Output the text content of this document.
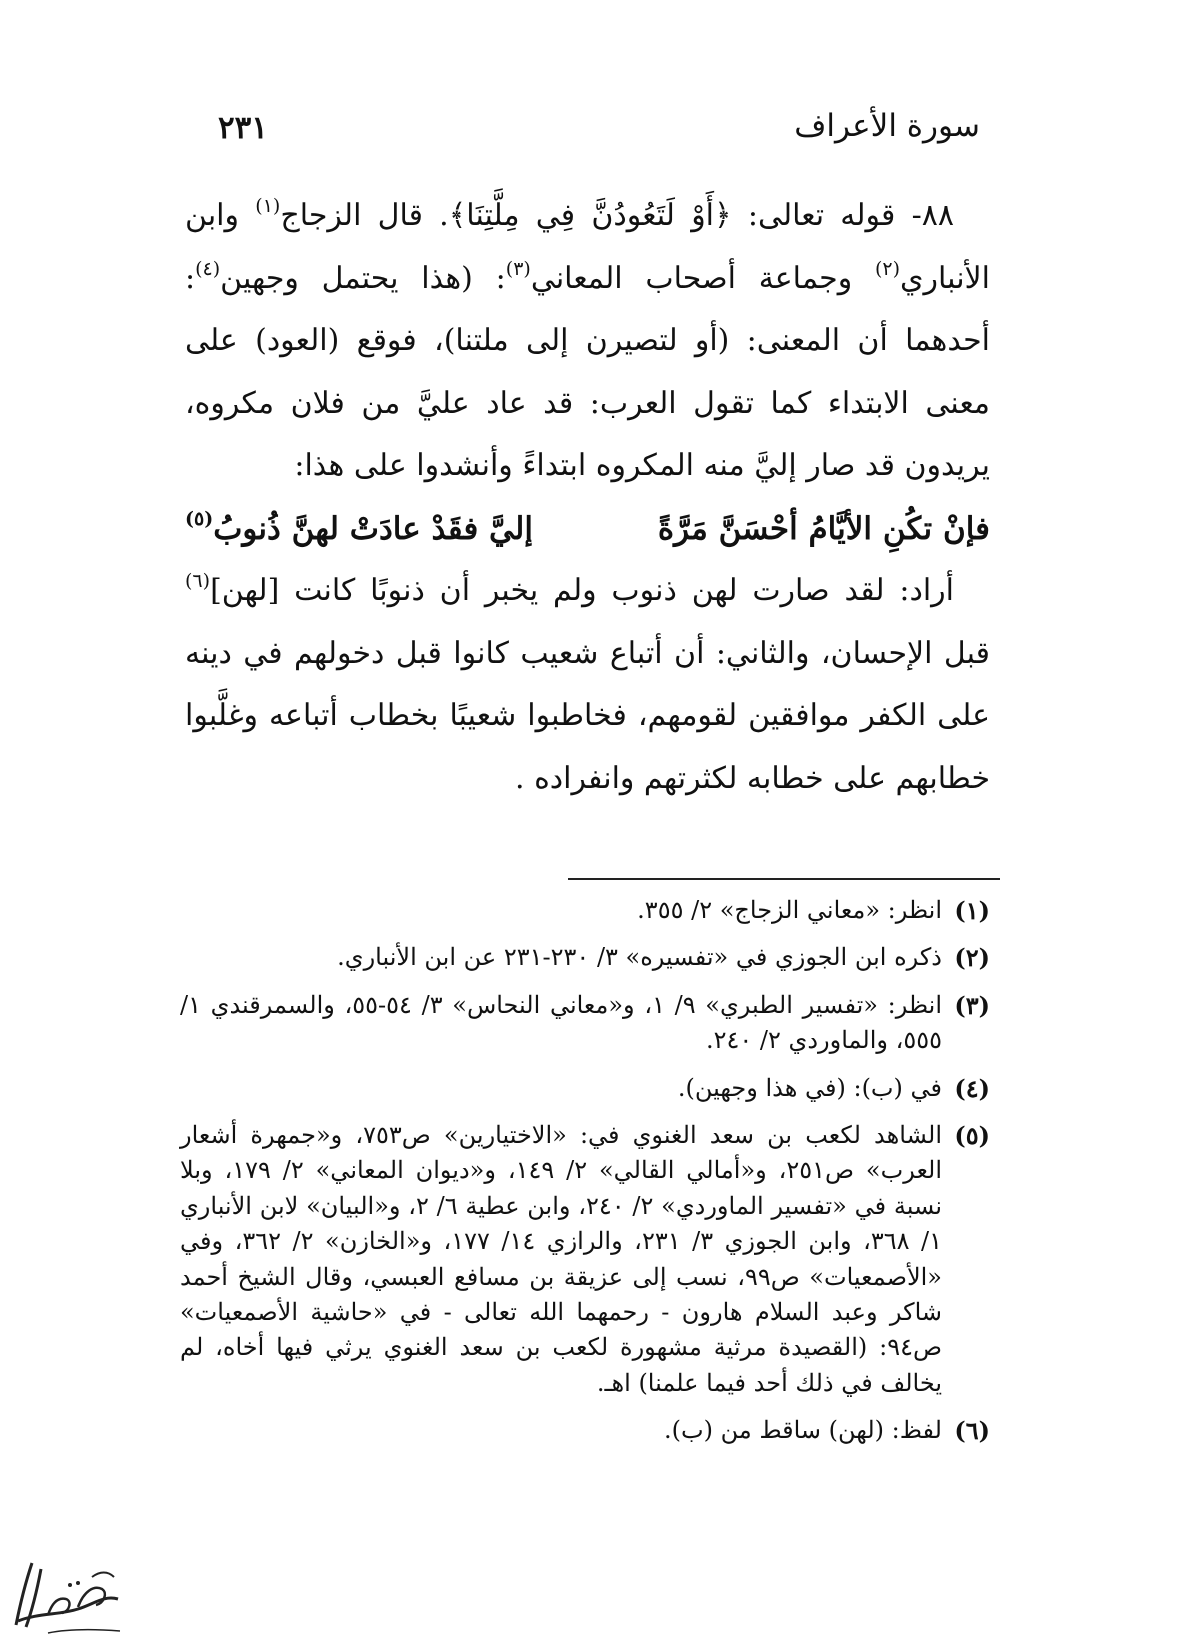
سورة الأعراف
٢٣١

٨٨- قوله تعالى: ﴿أَوْ لَتَعُودُنَّ فِي مِلَّتِنَا﴾. قال الزجاج$^{(١)}$ وابن الأنباري$^{(٢)}$ وجماعة أصحاب المعاني$^{(٣)}$: (هذا يحتمل وجهين$^{(٤)}$: أحدهما أن المعنى: (أو لتصيرن إلى ملتنا)، فوقع (العود) على معنى الابتداء كما تقول العرب: قد عاد عليَّ من فلان مكروه، يريدون قد صار إليَّ منه المكروه ابتداءً وأنشدوا على هذا:

فإنْ تكُنِ الأيَّامُ أحْسَنَّ مَرَّةً
إليَّ فقَدْ عادَتْ لهنَّ ذُنوبُ$^{(٥)}$

أراد: لقد صارت لهن ذنوب ولم يخبر أن ذنوبًا كانت [لهن]$^{(٦)}$ قبل الإحسان، والثاني: أن أتباع شعيب كانوا قبل دخولهم في دينه على الكفر موافقين لقومهم، فخاطبوا شعيبًا بخطاب أتباعه وغلَّبوا خطابهم على خطابه لكثرتهم وانفراده .

(١)
انظر: «معاني الزجاج» ٢/ ٣٥٥.
(٢)
ذكره ابن الجوزي في «تفسيره» ٣/ ٢٣٠-٢٣١ عن ابن الأنباري.
(٣)
انظر: «تفسير الطبري» ٩/ ١، و«معاني النحاس» ٣/ ٥٤-٥٥، والسمرقندي ١/ ٥٥٥، والماوردي ٢/ ٢٤٠.
(٤)
في (ب): (في هذا وجهين).
(٥)
الشاهد لكعب بن سعد الغنوي في: «الاختيارين» ص٧٥٣، و«جمهرة أشعار العرب» ص٢٥١، و«أمالي القالي» ٢/ ١٤٩، و«ديوان المعاني» ٢/ ١٧٩، وبلا نسبة في «تفسير الماوردي» ٢/ ٢٤٠، وابن عطية ٦/ ٢، و«البيان» لابن الأنباري ١/ ٣٦٨، وابن الجوزي ٣/ ٢٣١، والرازي ١٤/ ١٧٧، و«الخازن» ٢/ ٣٦٢، وفي «الأصمعيات» ص٩٩، نسب إلى عزيقة بن مسافع العبسي، وقال الشيخ أحمد شاكر وعبد السلام هارون - رحمهما الله تعالى - في «حاشية الأصمعيات» ص٩٤: (القصيدة مرثية مشهورة لكعب بن سعد الغنوي يرثي فيها أخاه، لم يخالف في ذلك أحد فيما علمنا) اهـ.
(٦)
لفظ: (لهن) ساقط من (ب).
